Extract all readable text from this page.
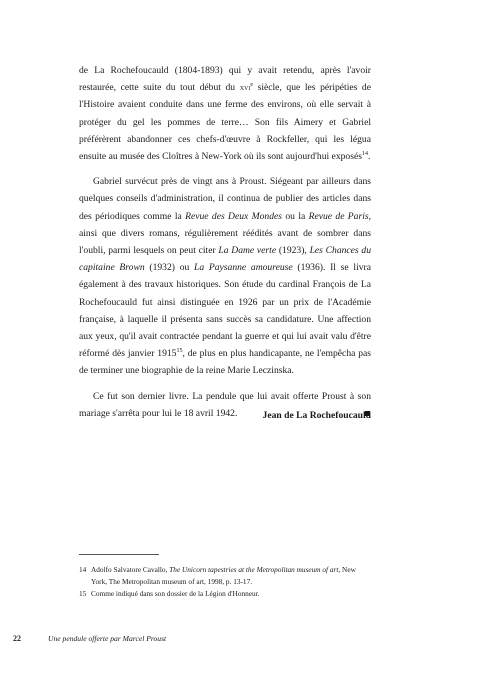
de La Rochefoucauld (1804-1893) qui y avait retendu, après l'avoir restaurée, cette suite du tout début du xvi$^e$ siècle, que les péripéties de l'Histoire avaient conduite dans une ferme des environs, où elle servait à protéger du gel les pommes de terre… Son fils Aimery et Gabriel préférèrent abandonner ces chefs-d'œuvre à Rockfeller, qui les légua ensuite au musée des Cloîtres à New-York où ils sont aujourd'hui exposés$^{14}$.

Gabriel survécut près de vingt ans à Proust. Siégeant par ailleurs dans quelques conseils d'administration, il continua de publier des articles dans des périodiques comme la Revue des Deux Mondes ou la Revue de Paris, ainsi que divers romans, régulièrement réédités avant de sombrer dans l'oubli, parmi lesquels on peut citer La Dame verte (1923), Les Chances du capitaine Brown (1932) ou La Paysanne amoureuse (1936). Il se livra également à des travaux historiques. Son étude du cardinal François de La Rochefoucauld fut ainsi distinguée en 1926 par un prix de l'Académie française, à laquelle il présenta sans succès sa candidature. Une affection aux yeux, qu'il avait contractée pendant la guerre et qui lui avait valu d'être réformé dès janvier 1915$^{15}$, de plus en plus handicapante, ne l'empêcha pas de terminer une biographie de la reine Marie Leczinska.

Ce fut son dernier livre. La pendule que lui avait offerte Proust à son mariage s'arrêta pour lui le 18 avril 1942.	Jean de La Rochefoucauld
14 Adolfo Salvatore Cavallo, The Unicorn tapestries at the Metropolitan museum of art, New York, The Metropolitan museum of art, 1998, p. 13-17.
15 Comme indiqué dans son dossier de la Légion d'Honneur.
22	Une pendule offerte par Marcel Proust
